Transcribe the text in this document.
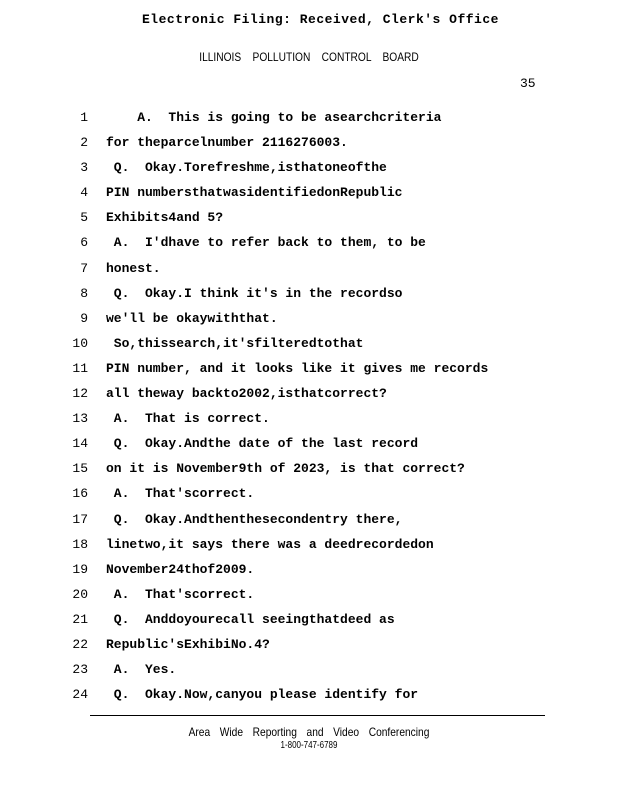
Electronic Filing: Received, Clerk's Office
ILLINOIS POLLUTION CONTROL BOARD
35
1 A.  This is going to be asearchcriteria
2 for theparcelnumber 2116276003.
3 Q.  Okay.Torefreshme,isthatoneofthe
4 PIN numbersthatwasidentifiedonRepublic
5 Exhibits4and 5?
6 A.  I'dhave to refer back to them, to be
7 honest.
8 Q.  Okay.I think it's in the recordso
9 we'll be okaywiththat.
10 So,thissearch,it'sfilteredtothat
11 PIN number, and it looks like it gives me records
12 all theway backto2002,isthatcorrect?
13 A.  That is correct.
14 Q.  Okay.Andthe date of the last record
15 on it is November9th of 2023, is that correct?
16 A.  That'scorrect.
17 Q.  Okay.Andthenthesecondentry there,
18 linetwo,it says there was a deedrecordedon
19 November24thof2009.
20 A.  That'scorrect.
21 Q.  Anddoyourecall seeingthatdeed as
22 Republic'sExhibiNo.4?
23 A.  Yes.
24 Q.  Okay.Now,canyou please identify for
Area Wide Reporting and Video Conferencing
1-800-747-6789
